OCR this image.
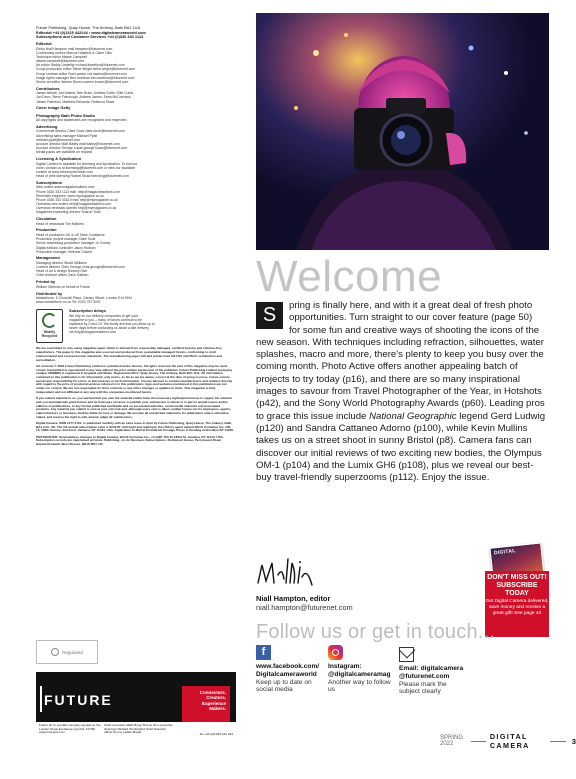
Future Publishing, Quay House, The Ambury, Bath BA1 1UA
Editorial +44 (0)1225 442244 • www.digitalcameraworld.com
Subscriptions and Customer Services +44 (0)330 333 1113
Editorial
Editor Niall Hampton niall.hampton@futurenet.com
Contributing editors Marcus Hawkins & Claire Gillo
Technique editor Alistair Campbell
alistair.campbell@futurenet.com
Art editor Raddy Llewellyn richard.llewellyn@futurenet.com
Group production editor Steve Wright steve.wright@futurenet.com
Group reviews editor Rod Lawton rod.lawton@futurenet.com
Image rights manager Ben Andrews ben.andrews@futurenet.com
Senior art editor Warren Brown warren.brown@futurenet.com
Contributors
James Abbott, Jon Adams, Ben Brain, Andrew Collie, Ollie Curtis,
Jon Devo, Steve Fairclough, Andrew James, Sean McCormack,
James Paterson, Matthew Richards, Rebecca Shaw
Cover image Getty
Photography Bath Photo Studio
All copyrights and trademarks are recognised and respected
Advertising
Commercial director Clare Dove clare.dove@futurenet.com
Advertising sales manager Michael Pyatt
michael.pyatt@futurenet.com
Account director Matt Bailey matt.bailey@futurenet.com
Account director George Lucas george.lucas@futurenet.com
Media packs are available on request
Licensing & Syndication
Digital Camera is available for licensing and syndication. To find out
more, contact us at licensing@futurenet.com or view our available
content at www.futurecontenthub.com
Head of print licensing Rachel Shaw licensing@futurenet.com
Subscriptions
New orders www.magazinesdirect.com
Phone 0330 333 1113 mail: help@magazinesdirect.com
Renewals enquiries: www.mymagazine.co.uk
Phone 0330 333 4333 Email help@mymagazine.co.uk
Overseas new orders help@magazinesdirect.com
Overseas renewals queries help@mymagazine.co.uk
Magazines marketing director Sharon Todd
Circulation
Head of newstrade Tim Mathers
Production
Head of production UK & US Mark Constance
Production project manager Clare Scott
Senior advertising production manager Jo Crosby
Digital editions controller Jason Hudson
Production manager Vivienne Calvert
Management
Managing director Stuart Williams
Content director Chris George chris.george@futurenet.com
Head of art & design Rodney Dive
Chief revenue officer Zack Sullivan
Printed by
William Gibbons on behalf of Future
Distributed by
Marketforce, 5 Churchill Place, Canary Wharf, London E14 5HU
www.marketforce.co.uk Tel: 0203 787 9001
Widely Recycled
Subscription delays
We rely on our delivery companies to get your
magazine to you – many of whom continue to be
impacted by Covid-19. We kindly ask that you allow up to
seven days before contacting us about a late delivery
via help@magazinesdirect.com
We are committed to only using magazine paper which is derived from responsibly managed, certified forestry and chlorine-free manufacture. The paper in this magazine was sourced and produced from sustainable managed forests, conforming to strict environmental and socioeconomic standards. The manufacturing paper mill and printer hold full FSC and PEFC certification and accreditation.
All contents © 2022 Future Publishing Limited or published under licence. All rights reserved. No part of this magazine may be used, stored, transmitted or reproduced in any way without the prior written permission of the publisher. Future Publishing Limited (company number 2008885) is registered in England and Wales. Registered office: Quay House, The Ambury, Bath BA1 1UA. All information contained in this publication is for information only and is, as far as we are aware, correct at the time of going to press. Future cannot accept any responsibility for errors or inaccuracies in such information. You are advised to contact manufacturers and retailers directly with regard to the price of products/services referred to in this publication. Apps and websites mentioned in this publication are not under our control. We are not responsible for their contents or any other changes or updates to them. This magazine is fully independent and not affiliated in any way with the companies mentioned herein.
If you submit material to us, you warrant that you own the material and/or have the necessary rights/permissions to supply the material and you automatically grant Future and its licensees a licence to publish your submission in whole or in part in any/all issues and/or editions of publications, in any format published worldwide and on associated websites, social media channels and associated products. Any material you submit is sent at your own risk and, although every care is taken, neither Future nor its employees, agents, subcontractors or licensees shall be liable for loss or damage. We assume all unsolicited material is for publication unless otherwise stated, and reserve the right to edit, amend, adapt all submissions.
Digital Camera, ISSN 1477-1701, is published monthly with an extra issue in April by Future Publishing, Quay House, The Ambury, Bath, BA1 1UA, UK. The US annual subscription price is $179.87. Airfreight and mailing in the USA by agent named World Container Inc, 150-15, 148th Avenue, 2nd Floor, Jamaica, NY 11434, USA. Application to Mail at Periodicals Postage Prices is Pending at Brooklyn NY 11256.
POSTMASTER: Send address changes to Digital Camera, World Container Inc., c/o BBT 150-15 183rd St, Jamaica, NY 11413, USA. Subscription records are maintained at Future Publishing, c/o Air Business Subscriptions, Rockwood House, Perrymount Road, Haywards Heath, West Sussex, RH16 3DH, UK.
Regulated
FUTURE	Connectors.
Creators.
Experience
Makers.
Future plc is a public company quoted on the London Stock Exchange (symbol: FUTR) www.futureplc.com
Chief executive Zillah Byng-Thorne Non-executive chairman Richard Huntingford Chief financial officer Penny Ladkin-Brand	Tel +44 (0)1225 442 244
Welcome
S	pring is finally here, and with it a great deal of fresh photo opportunities. Turn straight to our cover feature (page 50) for some fun and creative ways of shooting the icons of the new season. With techniques including refraction, silhouettes, water splashes, macro and more, there's plenty to keep you busy over the coming month. Photo Active offers another appealing batch of projects to try today (p16), and there are so many inspirational images to savour from Travel Photographer of the Year, in Hotshots (p42), and the Sony World Photography Awards (p60). Leading pros to grace this issue include National Geographic legend Gerd Ludwig (p120) and Sandra Cattaneo Adorno (p100), while Kevin Mullins takes us on a street shoot in sunny Bristol (p8). Camera fans can discover our initial reviews of two exciting new bodies, the Olympus OM-1 (p104) and the Lumix GH6 (p108), plus we reveal our best-buy travel-friendly superzooms (p112). Enjoy the issue.
Niall Hampton, editor
niall.hampton@futurenet.com
DIGITAL
DON'T MISS OUT!
SUBSCRIBE TODAY
Get Digital Camera delivered, save money and receive a great gift! See page 40
Follow us or get in touch...
f
www.facebook.com/ Digitalcameraworld
Keep up to date on social media
Instagram: @digitalcameramag
Another way to follow us
Email: digitalcamera @futurenet.com
Please mark the subject clearly
SPRING 2022
DIGITAL CAMERA	3
